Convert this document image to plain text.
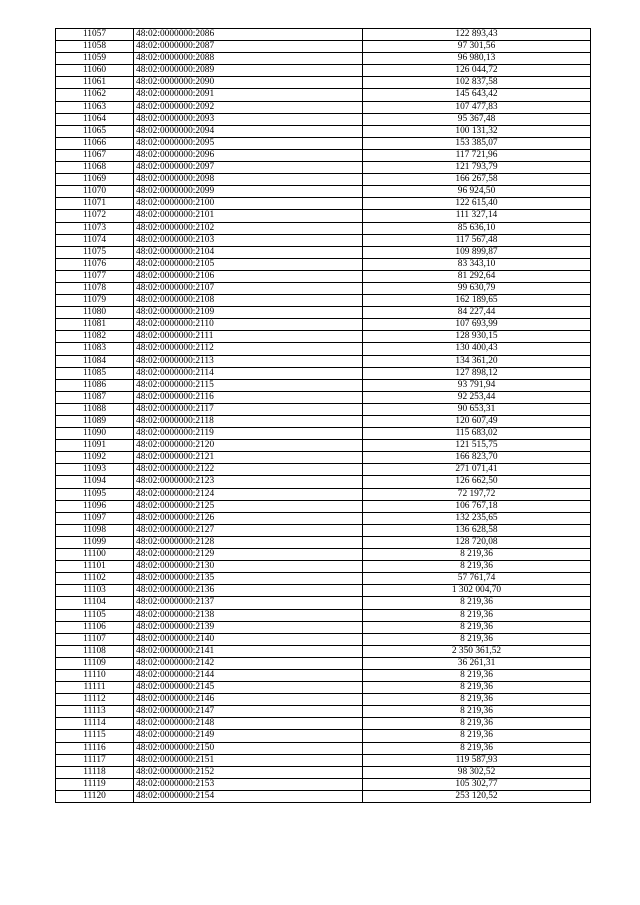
11057	48:02:0000000:2086	122 893,43
11058	48:02:0000000:2087	97 301,56
11059	48:02:0000000:2088	96 980,13
11060	48:02:0000000:2089	126 044,72
11061	48:02:0000000:2090	102 837,58
11062	48:02:0000000:2091	145 643,42
11063	48:02:0000000:2092	107 477,83
11064	48:02:0000000:2093	95 367,48
11065	48:02:0000000:2094	100 131,32
11066	48:02:0000000:2095	153 385,07
11067	48:02:0000000:2096	117 721,96
11068	48:02:0000000:2097	121 793,79
11069	48:02:0000000:2098	166 267,58
11070	48:02:0000000:2099	96 924,50
11071	48:02:0000000:2100	122 615,40
11072	48:02:0000000:2101	111 327,14
11073	48:02:0000000:2102	85 636,10
11074	48:02:0000000:2103	117 567,48
11075	48:02:0000000:2104	109 899,87
11076	48:02:0000000:2105	83 343,10
11077	48:02:0000000:2106	81 292,64
11078	48:02:0000000:2107	99 630,79
11079	48:02:0000000:2108	162 189,65
11080	48:02:0000000:2109	84 227,44
11081	48:02:0000000:2110	107 693,99
11082	48:02:0000000:2111	128 930,15
11083	48:02:0000000:2112	130 400,43
11084	48:02:0000000:2113	134 361,20
11085	48:02:0000000:2114	127 898,12
11086	48:02:0000000:2115	93 791,94
11087	48:02:0000000:2116	92 253,44
11088	48:02:0000000:2117	90 653,31
11089	48:02:0000000:2118	120 607,49
11090	48:02:0000000:2119	115 683,02
11091	48:02:0000000:2120	121 515,75
11092	48:02:0000000:2121	166 823,70
11093	48:02:0000000:2122	271 071,41
11094	48:02:0000000:2123	126 662,50
11095	48:02:0000000:2124	72 197,72
11096	48:02:0000000:2125	106 767,18
11097	48:02:0000000:2126	132 235,65
11098	48:02:0000000:2127	136 628,58
11099	48:02:0000000:2128	128 720,08
11100	48:02:0000000:2129	8 219,36
11101	48:02:0000000:2130	8 219,36
11102	48:02:0000000:2135	57 761,74
11103	48:02:0000000:2136	1 302 004,70
11104	48:02:0000000:2137	8 219,36
11105	48:02:0000000:2138	8 219,36
11106	48:02:0000000:2139	8 219,36
11107	48:02:0000000:2140	8 219,36
11108	48:02:0000000:2141	2 350 361,52
11109	48:02:0000000:2142	36 261,31
11110	48:02:0000000:2144	8 219,36
11111	48:02:0000000:2145	8 219,36
11112	48:02:0000000:2146	8 219,36
11113	48:02:0000000:2147	8 219,36
11114	48:02:0000000:2148	8 219,36
11115	48:02:0000000:2149	8 219,36
11116	48:02:0000000:2150	8 219,36
11117	48:02:0000000:2151	119 587,93
11118	48:02:0000000:2152	98 302,52
11119	48:02:0000000:2153	105 302,77
11120	48:02:0000000:2154	253 120,52
